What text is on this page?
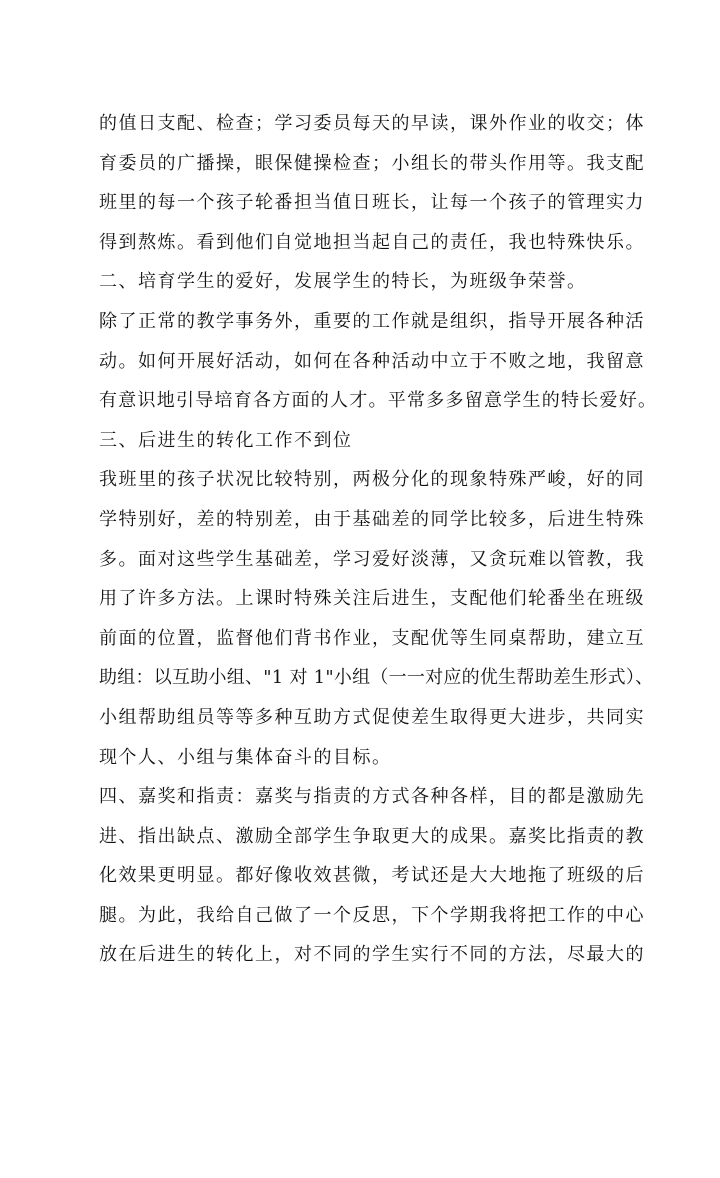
的值日支配、检查；学习委员每天的早读，课外作业的收交；体
育委员的广播操，眼保健操检查；小组长的带头作用等。我支配
班里的每一个孩子轮番担当值日班长，让每一个孩子的管理实力
得到熬炼。看到他们自觉地担当起自己的责任，我也特殊快乐。
二、培育学生的爱好，发展学生的特长，为班级争荣誉。
除了正常的教学事务外，重要的工作就是组织，指导开展各种活
动。如何开展好活动，如何在各种活动中立于不败之地，我留意
有意识地引导培育各方面的人才。平常多多留意学生的特长爱好。
三、后进生的转化工作不到位
我班里的孩子状况比较特别，两极分化的现象特殊严峻，好的同
学特别好，差的特别差，由于基础差的同学比较多，后进生特殊
多。面对这些学生基础差，学习爱好淡薄，又贪玩难以管教，我
用了许多方法。上课时特殊关注后进生，支配他们轮番坐在班级
前面的位置，监督他们背书作业，支配优等生同桌帮助，建立互
助组：以互助小组、"1 对 1"小组（一一对应的优生帮助差生形式）、
小组帮助组员等等多种互助方式促使差生取得更大进步，共同实
现个人、小组与集体奋斗的目标。
四、嘉奖和指责：嘉奖与指责的方式各种各样，目的都是激励先
进、指出缺点、激励全部学生争取更大的成果。嘉奖比指责的教
化效果更明显。都好像收效甚微，考试还是大大地拖了班级的后
腿。为此，我给自己做了一个反思，下个学期我将把工作的中心
放在后进生的转化上，对不同的学生实行不同的方法，尽最大的
